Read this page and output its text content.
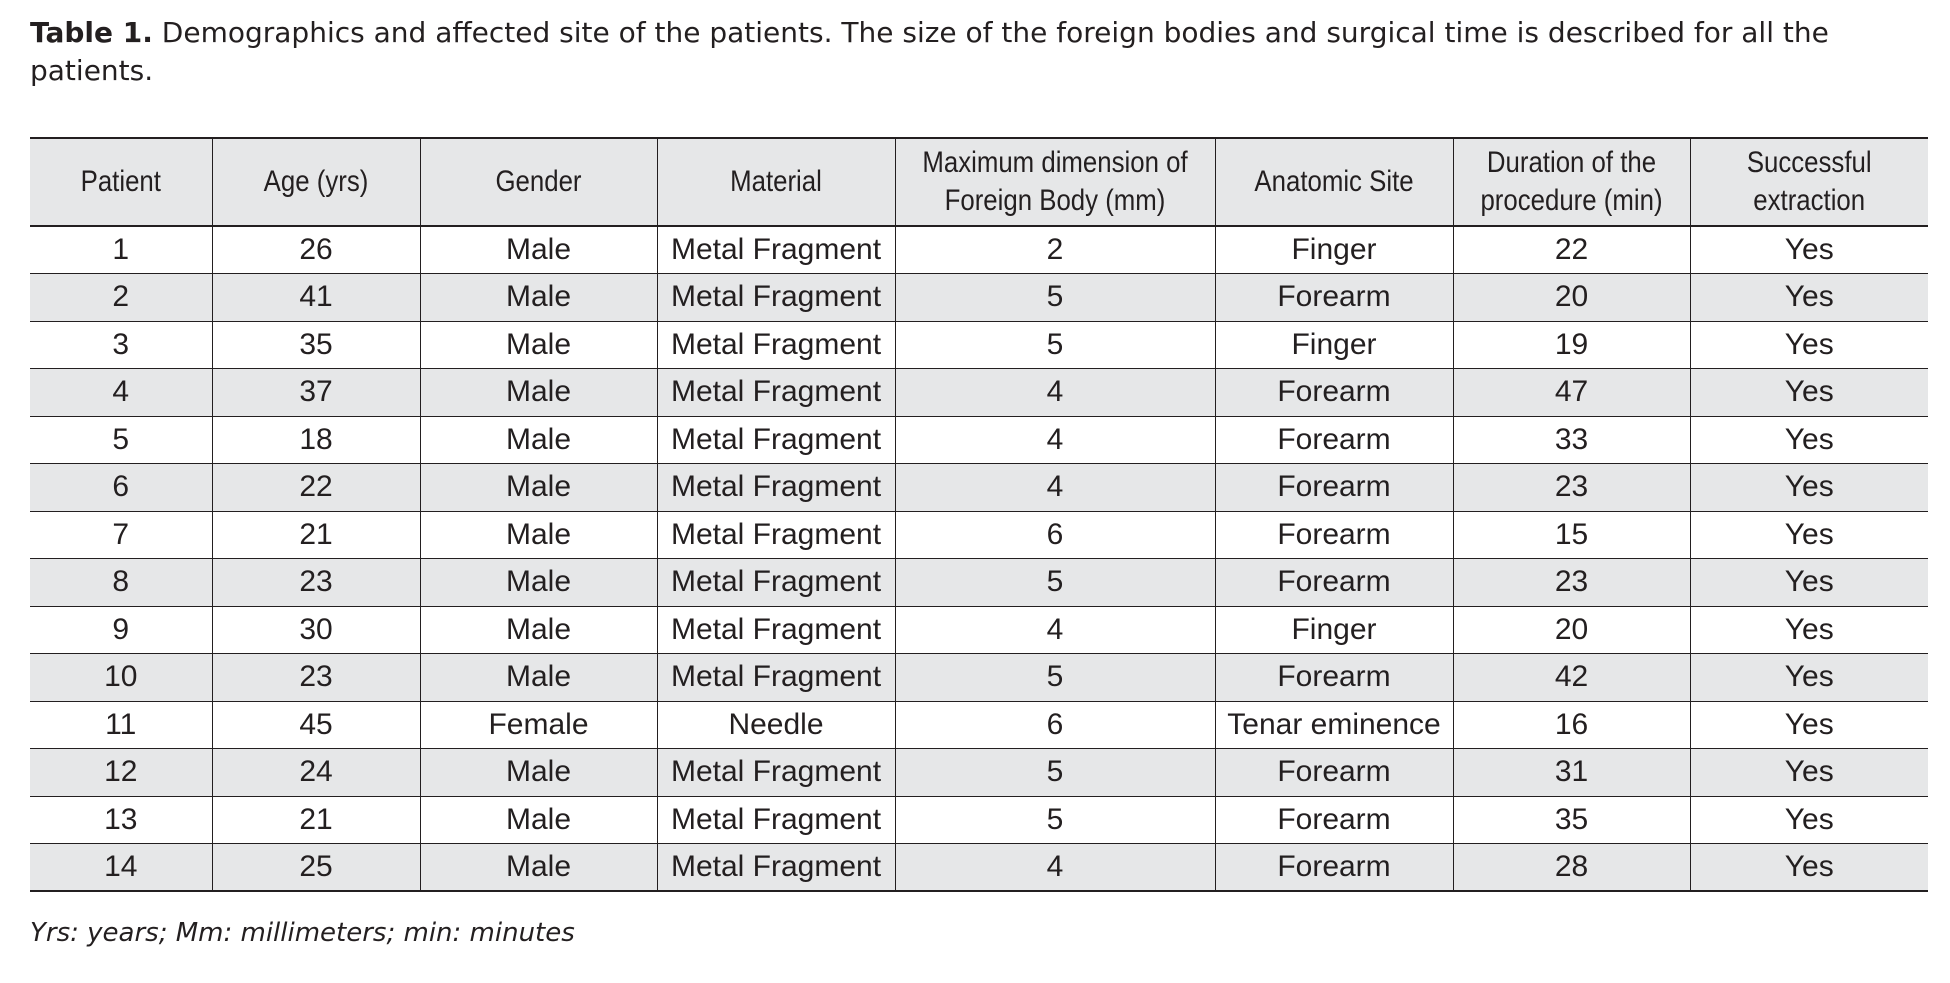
Table 1. Demographics and affected site of the patients. The size of the foreign bodies and surgical time is described for all the patients.
Patient	Age (yrs)	Gender	Material	Maximum dimension of Foreign Body (mm)	Anatomic Site	Duration of the procedure (min)	Successful extraction
1	26	Male	Metal Fragment	2	Finger	22	Yes
2	41	Male	Metal Fragment	5	Forearm	20	Yes
3	35	Male	Metal Fragment	5	Finger	19	Yes
4	37	Male	Metal Fragment	4	Forearm	47	Yes
5	18	Male	Metal Fragment	4	Forearm	33	Yes
6	22	Male	Metal Fragment	4	Forearm	23	Yes
7	21	Male	Metal Fragment	6	Forearm	15	Yes
8	23	Male	Metal Fragment	5	Forearm	23	Yes
9	30	Male	Metal Fragment	4	Finger	20	Yes
10	23	Male	Metal Fragment	5	Forearm	42	Yes
11	45	Female	Needle	6	Tenar eminence	16	Yes
12	24	Male	Metal Fragment	5	Forearm	31	Yes
13	21	Male	Metal Fragment	5	Forearm	35	Yes
14	25	Male	Metal Fragment	4	Forearm	28	Yes
Yrs: years; Mm: millimeters; min: minutes
